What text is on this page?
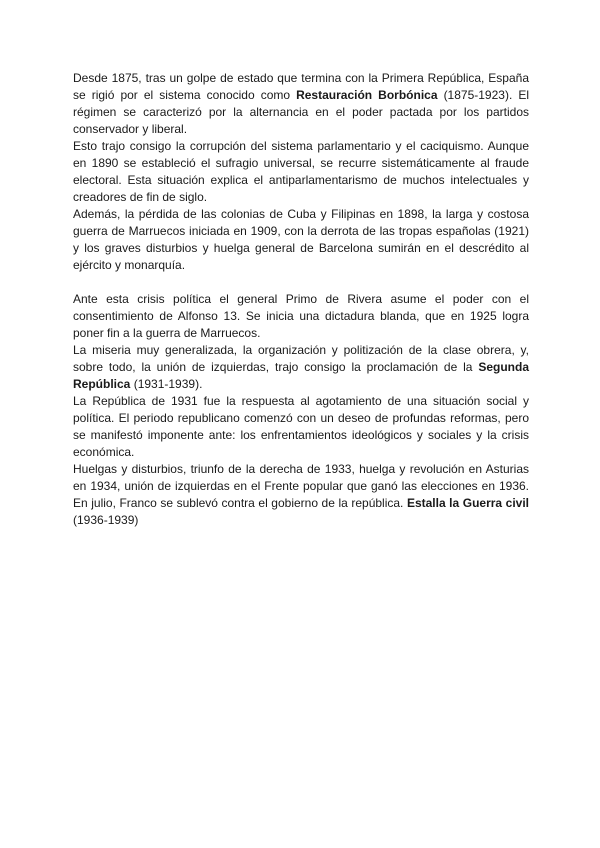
Desde 1875, tras un golpe de estado que termina con la Primera República, España se rigió por el sistema conocido como Restauración Borbónica (1875-1923). El régimen se caracterizó por la alternancia en el poder pactada por los partidos conservador y liberal.

Esto trajo consigo la corrupción del sistema parlamentario y el caciquismo. Aunque en 1890 se estableció el sufragio universal, se recurre sistemáticamente al fraude electoral. Esta situación explica el antiparlamentarismo de muchos intelectuales y creadores de fin de siglo.

Además, la pérdida de las colonias de Cuba y Filipinas en 1898, la larga y costosa guerra de Marruecos iniciada en 1909, con la derrota de las tropas españolas (1921) y los graves disturbios y huelga general de Barcelona sumirán en el descrédito al ejército y monarquía.

Ante esta crisis política el general Primo de Rivera asume el poder con el consentimiento de Alfonso 13. Se inicia una dictadura blanda, que en 1925 logra poner fin a la guerra de Marruecos.

La miseria muy generalizada, la organización y politización de la clase obrera, y, sobre todo, la unión de izquierdas, trajo consigo la proclamación de la Segunda República (1931-1939).

La República de 1931 fue la respuesta al agotamiento de una situación social y política. El periodo republicano comenzó con un deseo de profundas reformas, pero se manifestó imponente ante: los enfrentamientos ideológicos y sociales y la crisis económica.

Huelgas y disturbios, triunfo de la derecha de 1933, huelga y revolución en Asturias en 1934, unión de izquierdas en el Frente popular que ganó las elecciones en 1936. En julio, Franco se sublevó contra el gobierno de la república. Estalla la Guerra civil (1936-1939)
